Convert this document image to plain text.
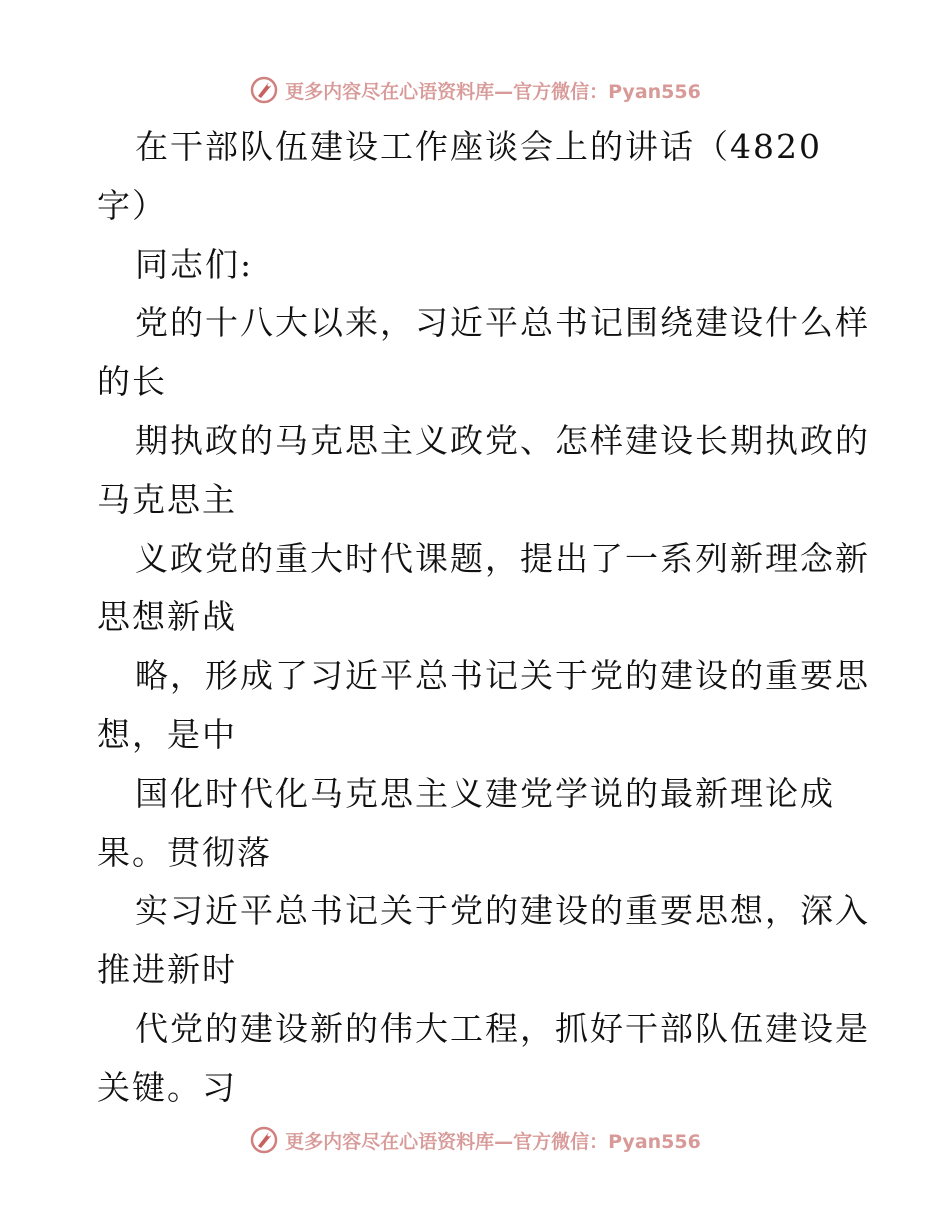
更多内容尽在心语资料库—官方微信：Pyan556
在干部队伍建设工作座谈会上的讲话（4820
字）
同志们:
党的十八大以来，习近平总书记围绕建设什么样
的长
期执政的马克思主义政党、怎样建设长期执政的
马克思主
义政党的重大时代课题，提出了一系列新理念新
思想新战
略，形成了习近平总书记关于党的建设的重要思
想，是中
国化时代化马克思主义建党学说的最新理论成
果。贯彻落
实习近平总书记关于党的建设的重要思想，深入
推进新时
代党的建设新的伟大工程，抓好干部队伍建设是
关键。习
更多内容尽在心语资料库—官方微信：Pyan556
